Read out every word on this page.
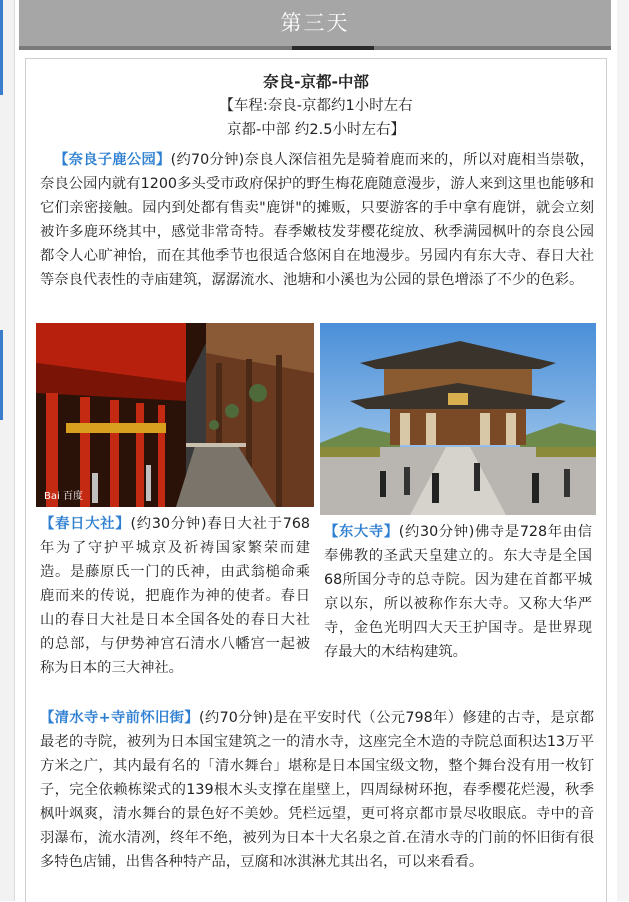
第三天
奈良-京都-中部
【车程:奈良-京都约1小时左右
京都-中部 约2.5小时左右】

【奈良子鹿公园】(约70分钟)奈良人深信祖先是骑着鹿而来的，所以对鹿相当崇敬，奈良公园内就有1200多头受市政府保护的野生梅花鹿随意漫步，游人来到这里也能够和它们亲密接触。园内到处都有售卖"鹿饼"的摊贩，只要游客的手中拿有鹿饼，就会立刻被许多鹿环绕其中，感觉非常奇特。春季嫩枝发芽樱花绽放、秋季满园枫叶的奈良公园都令人心旷神怡，而在其他季节也很适合悠闲自在地漫步。另园内有东大寺、春日大社等奈良代表性的寺庙建筑，潺潺流水、池塘和小溪也为公园的景色增添了不少的色彩。

Bai 百度

【春日大社】(约30分钟)春日大社于768年为了守护平城京及祈祷国家繁荣而建造。是藤原氏一门的氏神，由武翁槌命乘鹿而来的传说，把鹿作为神的使者。春日山的春日大社是日本全国各处的春日大社的总部，与伊势神宫石清水八幡宫一起被称为日本的三大神社。

【东大寺】(约30分钟)佛寺是728年由信奉佛教的圣武天皇建立的。东大寺是全国68所国分寺的总寺院。因为建在首都平城京以东，所以被称作东大寺。又称大华严寺，金色光明四大天王护国寺。是世界现存最大的木结构建筑。

【清水寺+寺前怀旧街】(约70分钟)是在平安时代（公元798年）修建的古寺，是京都最老的寺院，被列为日本国宝建筑之一的清水寺，这座完全木造的寺院总面积达13万平方米之广，其内最有名的「清水舞台」堪称是日本国宝级文物，整个舞台没有用一枚钉子，完全依赖栋梁式的139根木头支撑在崖壁上，四周绿树环抱，春季樱花烂漫，秋季枫叶飒爽，清水舞台的景色好不美妙。凭栏远望，更可将京都市景尽收眼底。寺中的音羽瀑布，流水清冽，终年不绝，被列为日本十大名泉之首.在清水寺的门前的怀旧街有很多特色店铺，出售各种特产品，豆腐和冰淇淋尤其出名，可以来看看。
